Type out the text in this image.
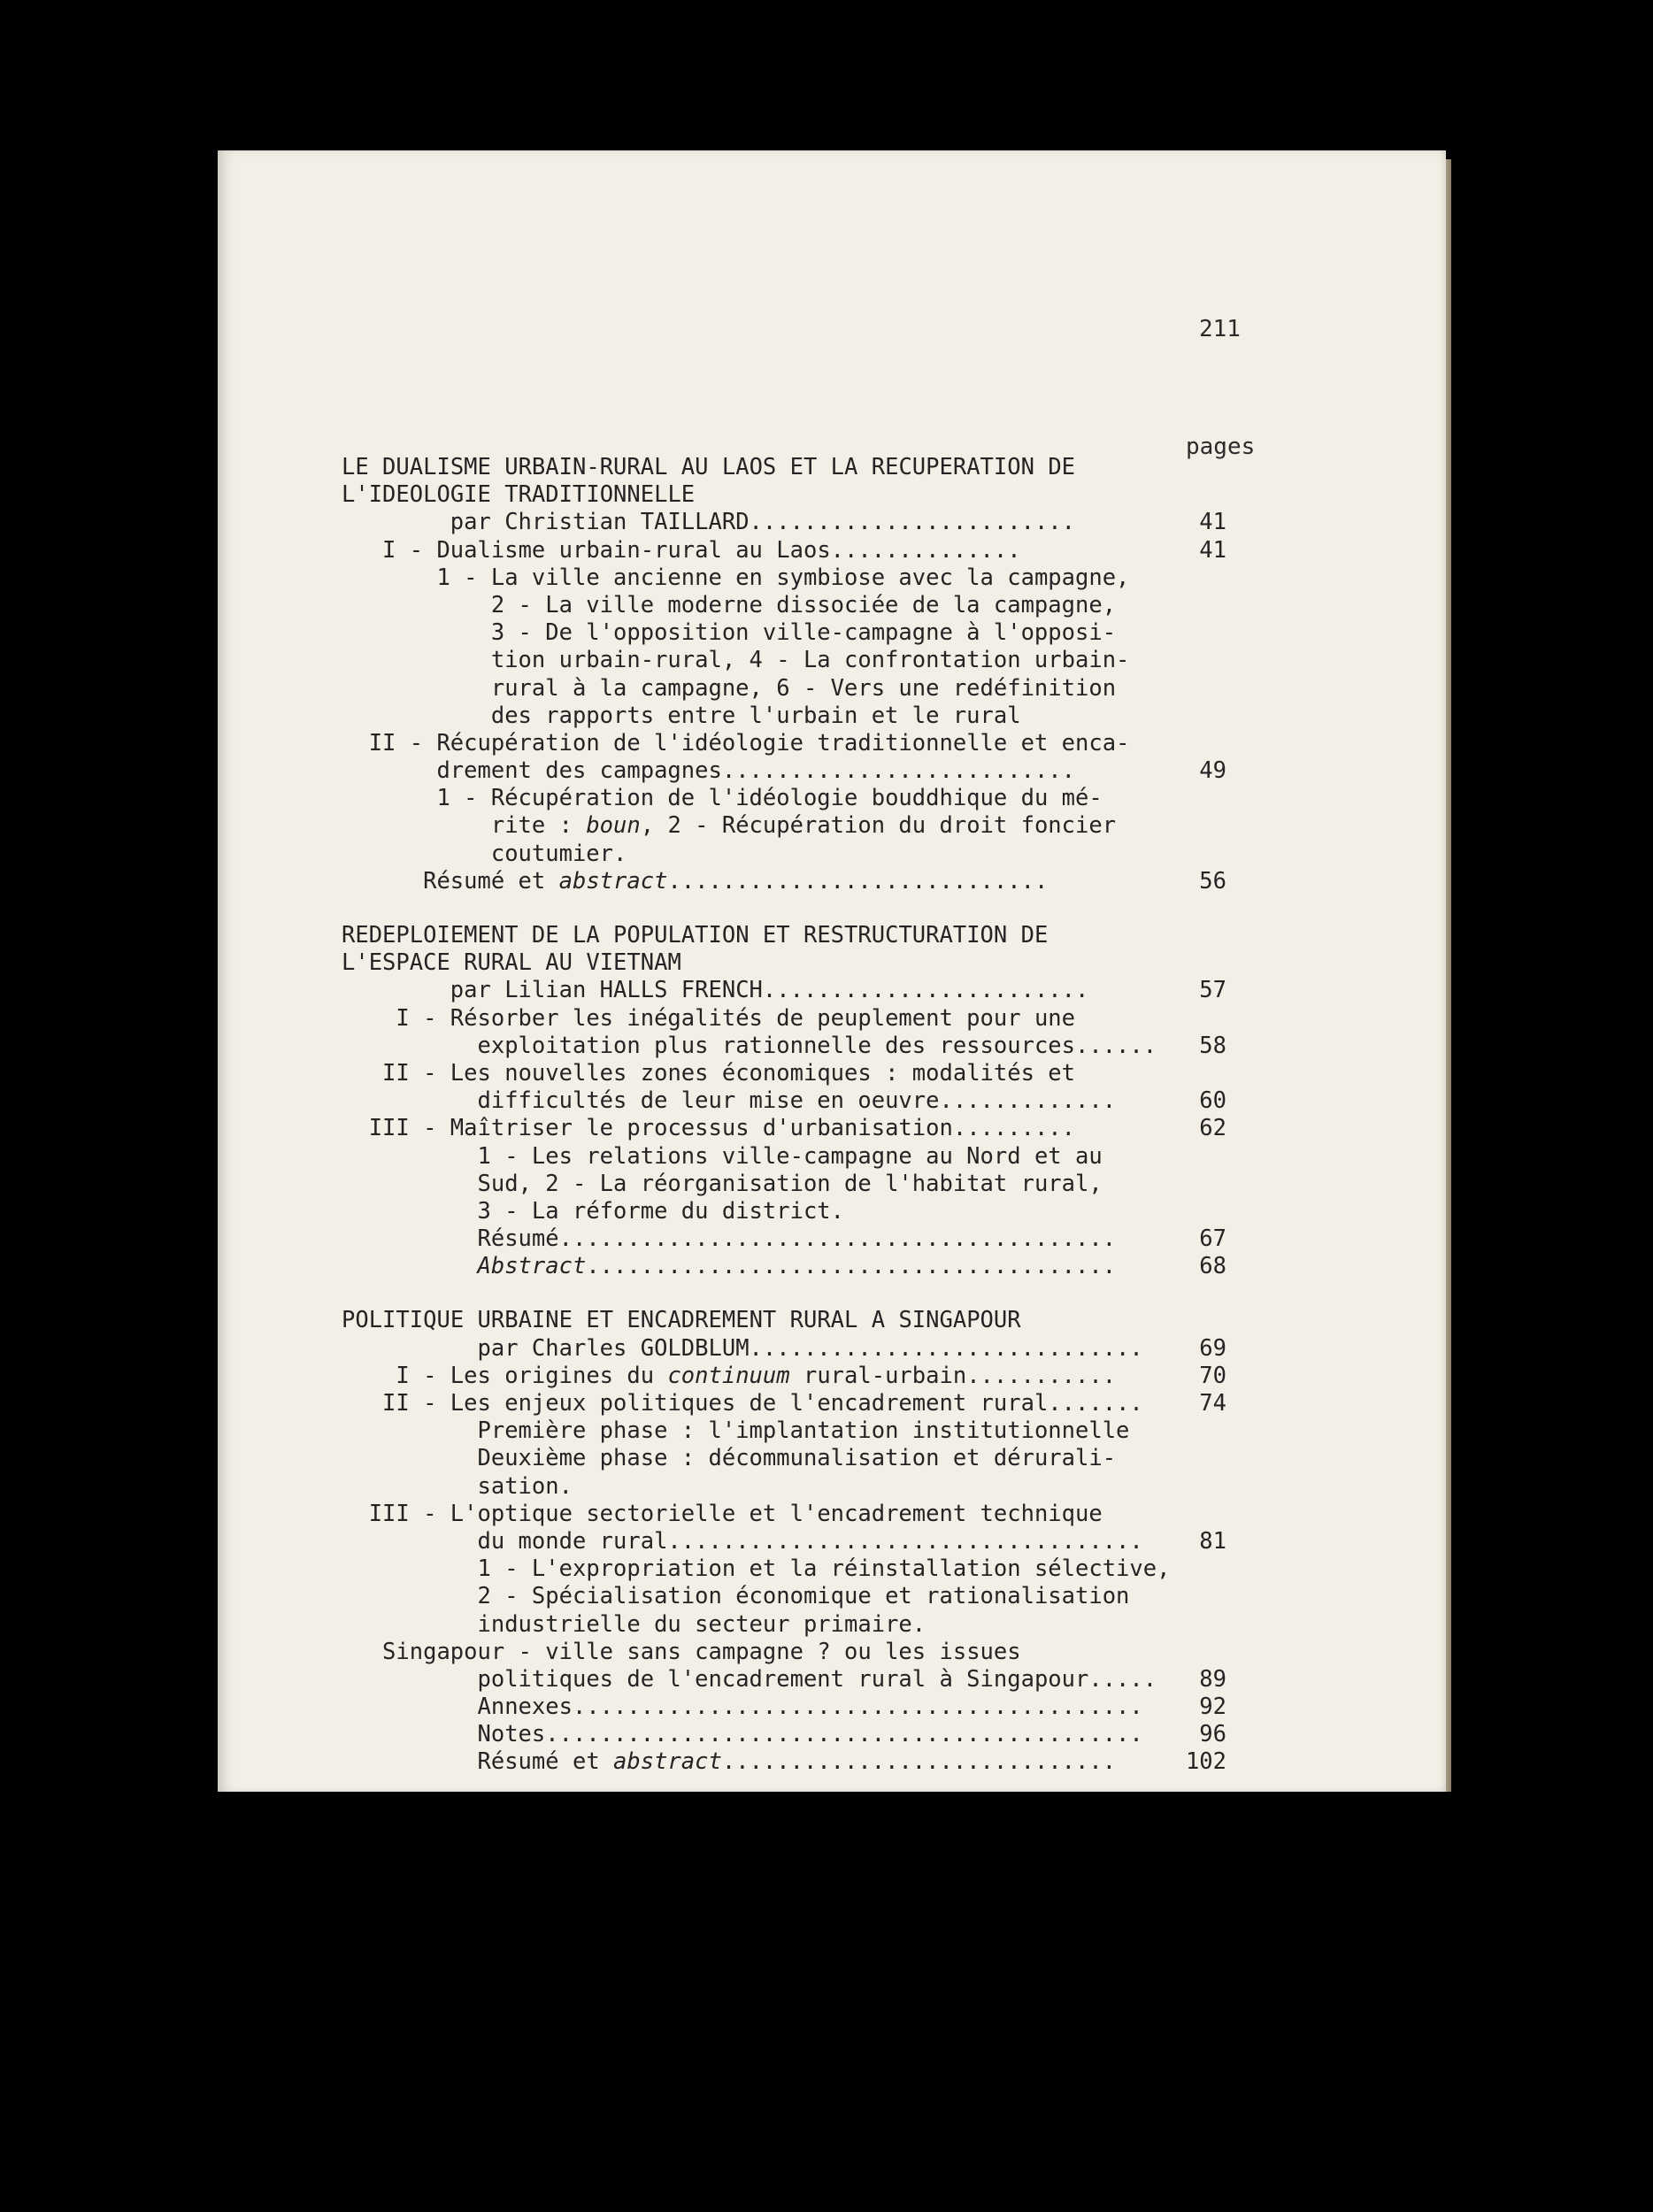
211
pages
LE DUALISME URBAIN-RURAL AU LAOS ET LA RECUPERATION DE
L'IDEOLOGIE TRADITIONNELLE
par Christian TAILLARD........................	41
I - Dualisme urbain-rural au Laos..............	41
1 - La ville ancienne en symbiose avec la campagne,
2 - La ville moderne dissociée de la campagne,
3 - De l'opposition ville-campagne à l'opposi-
tion urbain-rural, 4 - La confrontation urbain-
rural à la campagne, 6 - Vers une redéfinition
des rapports entre l'urbain et le rural
II - Récupération de l'idéologie traditionnelle et enca-
drement des campagnes..........................	49
1 - Récupération de l'idéologie bouddhique du mé-
rite : boun, 2 - Récupération du droit foncier
coutumier.
Résumé et abstract............................	56
REDEPLOIEMENT DE LA POPULATION ET RESTRUCTURATION DE
L'ESPACE RURAL AU VIETNAM
par Lilian HALLS FRENCH........................	57
I - Résorber les inégalités de peuplement pour une
exploitation plus rationnelle des ressources......	58
II - Les nouvelles zones économiques : modalités et
difficultés de leur mise en oeuvre.............	60
III - Maîtriser le processus d'urbanisation.........	62
1 - Les relations ville-campagne au Nord et au
Sud, 2 - La réorganisation de l'habitat rural,
3 - La réforme du district.
Résumé.........................................	67
Abstract.......................................	68
POLITIQUE URBAINE ET ENCADREMENT RURAL A SINGAPOUR
par Charles GOLDBLUM.............................	69
I - Les origines du continuum rural-urbain...........	70
II - Les enjeux politiques de l'encadrement rural.......	74
Première phase : l'implantation institutionnelle
Deuxième phase : décommunalisation et dérurali-
sation.
III - L'optique sectorielle et l'encadrement technique
du monde rural...................................	81
1 - L'expropriation et la réinstallation sélective,
2 - Spécialisation économique et rationalisation
industrielle du secteur primaire.
Singapour - ville sans campagne ? ou les issues
politiques de l'encadrement rural à Singapour.....	89
Annexes..........................................	92
Notes............................................	96
Résumé et abstract.............................	102
